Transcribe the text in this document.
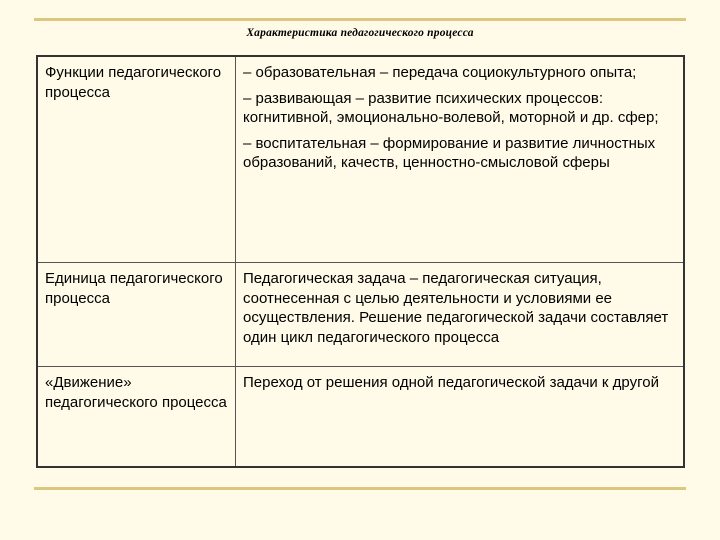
Характеристика педагогического процесса
Функции педагогического процесса	– образовательная – передача социокультурного опыта;
– развивающая – развитие психических процессов: когнитивной, эмоционально-волевой, моторной и др. сфер;
– воспитательная – формирование и развитие личностных образований, качеств, ценностно-смысловой сферы

Единица педагогического процесса	Педагогическая задача – педагогическая ситуация, соотнесенная с целью деятельности и условиями ее осуществления. Решение педагогической задачи составляет один цикл педагогического процесса

«Движение» педагогического процесса	Переход от решения одной педагогической задачи к другой
